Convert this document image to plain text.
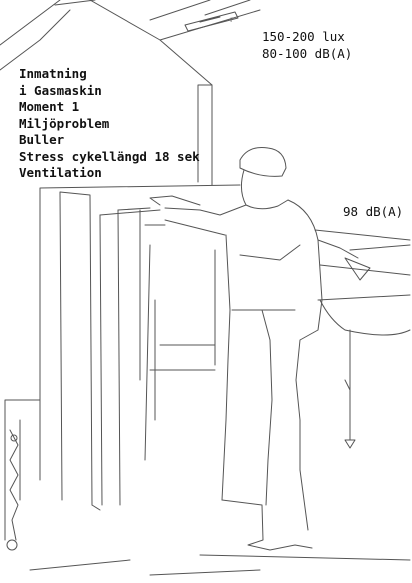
r
Inmatning
i Gasmaskin
Moment 1
Miljöproblem
Buller
Stress cykellängd 18 sek
Ventilation
150-200 lux
80-100 dB(A)
98 dB(A)
